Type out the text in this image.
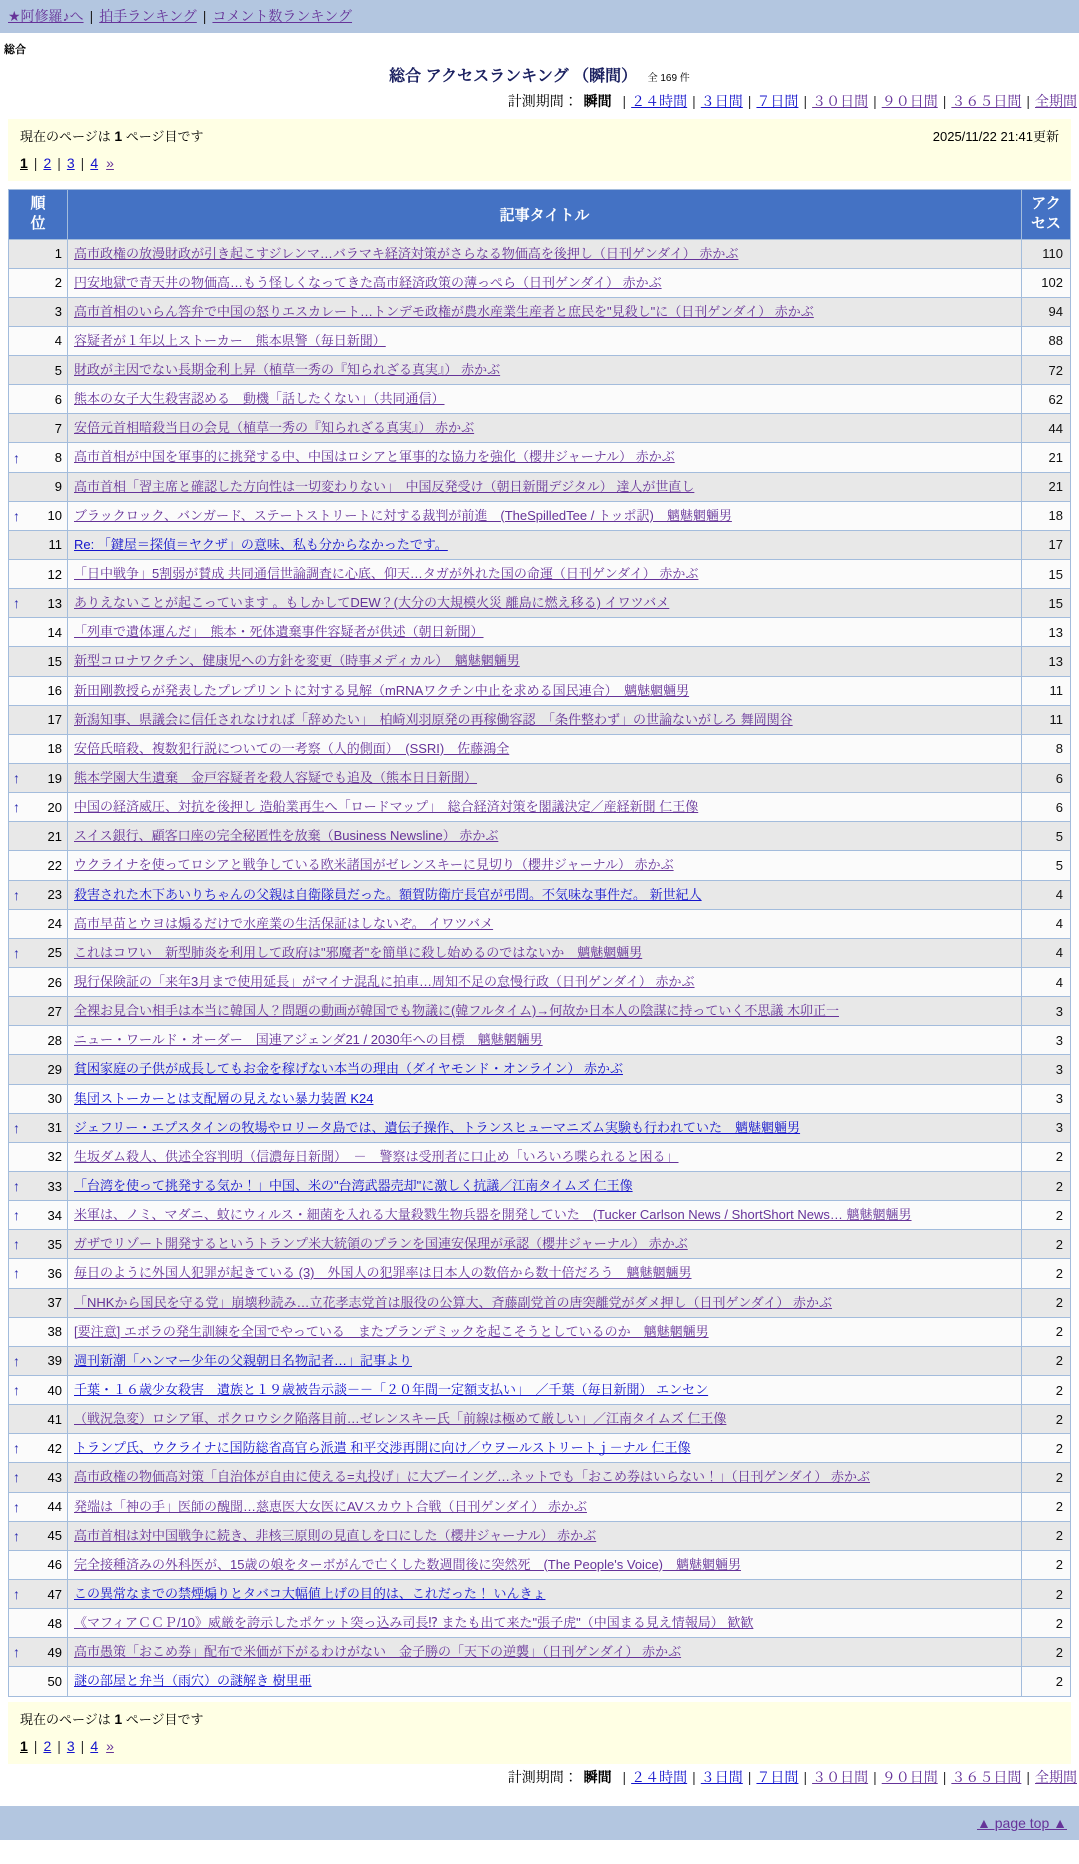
★阿修羅♪へ | 拍手ランキング | コメント数ランキング
総合
総合 アクセスランキング （瞬間） 全 169 件
計測期間： 瞬間 | ２４時間 | ３日間 | ７日間 | ３０日間 | ９０日間 | ３６５日間 | 全期間
現在のページは 1 ページ目です	2025/11/22 21:41更新
1 | 2 | 3 | 4 »
順位	記事タイトル	アクセス

1	高市政権の放漫財政が引き起こすジレンマ…バラマキ経済対策がさらなる物価高を後押し（日刊ゲンダイ） 赤かぶ	110

2	円安地獄で青天井の物価高…もう怪しくなってきた高市経済政策の薄っぺら（日刊ゲンダイ） 赤かぶ	102

3	高市首相のいらん答弁で中国の怒りエスカレート…トンデモ政権が農水産業生産者と庶民を"見殺し"に（日刊ゲンダイ） 赤かぶ	94

4	容疑者が１年以上ストーカー　熊本県警（毎日新聞）	88

5	財政が主因でない長期金利上昇（植草一秀の『知られざる真実』） 赤かぶ	72

6	熊本の女子大生殺害認める　動機「話したくない」（共同通信）	62

7	安倍元首相暗殺当日の会見（植草一秀の『知られざる真実』） 赤かぶ	44

↑ 8	高市首相が中国を軍事的に挑発する中、中国はロシアと軍事的な協力を強化（櫻井ジャーナル） 赤かぶ	21

9	高市首相「習主席と確認した方向性は一切変わりない」　中国反発受け（朝日新聞デジタル） 達人が世直し	21

↑ 10	ブラックロック、バンガード、ステートストリートに対する裁判が前進　(TheSpilledTee / トッポ訳)　魑魅魍魎男	18

11	Re: 「鍵屋＝探偵＝ヤクザ」の意味、私も分からなかったです。	17

12	「日中戦争」5割弱が賛成 共同通信世論調査に心底、仰天…タガが外れた国の命運（日刊ゲンダイ） 赤かぶ	15

↑ 13	ありえないことが起こっています 。もしかしてDEW？(大分の大規模火災 離島に燃え移る) イワツバメ	15

14	「列車で遺体運んだ」　熊本・死体遺棄事件容疑者が供述（朝日新聞）	13

15	新型コロナワクチン、健康児への方針を変更（時事メディカル）　魑魅魍魎男	13

16	新田剛教授らが発表したプレプリントに対する見解（mRNAワクチン中止を求める国民連合）　魑魅魍魎男	11

17	新潟知事、県議会に信任されなければ「辞めたい」　柏崎刈羽原発の再稼働容認　「条件整わず」の世論ないがしろ 舞岡関谷	11

18	安倍氏暗殺、複数犯行説についての一考察（人的側面）　(SSRI)　佐藤鴻全	8

↑ 19	熊本学園大生遺棄　金戸容疑者を殺人容疑でも追及（熊本日日新聞）	6

↑ 20	中国の経済威圧、対抗を後押し 造船業再生へ「ロードマップ」　総合経済対策を閣議決定／産経新聞 仁王像	6

21	スイス銀行、顧客口座の完全秘匿性を放棄（Business Newsline） 赤かぶ	5

22	ウクライナを使ってロシアと戦争している欧米諸国がゼレンスキーに見切り（櫻井ジャーナル） 赤かぶ	5

↑ 23	殺害された木下あいりちゃんの父親は自衛隊員だった。額賀防衛庁長官が弔問。不気味な事件だ。 新世紀人	4

24	高市早苗とウヨは煽るだけで水産業の生活保証はしないぞ。 イワツバメ	4

↑ 25	これはコワい　新型肺炎を利用して政府は"邪魔者"を簡単に殺し始めるのではないか　魑魅魍魎男	4

26	現行保険証の「来年3月まで使用延長」がマイナ混乱に拍車…周知不足の怠慢行政（日刊ゲンダイ） 赤かぶ	4

27	全裸お見合い相手は本当に韓国人？問題の動画が韓国でも物議に(韓フルタイム)→何故か日本人の陰謀に持っていく不思議 木卯正一	3

28	ニュー・ワールド・オーダー　国連アジェンダ21 / 2030年への目標　魑魅魍魎男	3

29	貧困家庭の子供が成長してもお金を稼げない本当の理由（ダイヤモンド・オンライン） 赤かぶ	3

30	集団ストーカーとは支配層の見えない暴力装置 K24	3

↑ 31	ジェフリー・エプスタインの牧場やロリータ島では、遺伝子操作、トランスヒューマニズム実験も行われていた　魑魅魍魎男	3

32	生坂ダム殺人、供述全容判明（信濃毎日新聞）　－　警察は受刑者に口止め「いろいろ喋られると困る」	2

↑ 33	「台湾を使って挑発する気か！」中国、米の"台湾武器売却"に激しく抗議／江南タイムズ 仁王像	2

↑ 34	米軍は、ノミ、マダニ、蚊にウィルス・細菌を入れる大量殺戮生物兵器を開発していた　(Tucker Carlson News / ShortShort News… 魑魅魍魎男	2

↑ 35	ガザでリゾート開発するというトランプ米大統領のプランを国連安保理が承認（櫻井ジャーナル） 赤かぶ	2

↑ 36	毎日のように外国人犯罪が起きている (3)　外国人の犯罪率は日本人の数倍から数十倍だろう　魑魅魍魎男	2

37	「NHKから国民を守る党」崩壊秒読み…立花孝志党首は服役の公算大、斉藤副党首の唐突離党がダメ押し（日刊ゲンダイ） 赤かぶ	2

38	[要注意] エボラの発生訓練を全国でやっている　またプランデミックを起こそうとしているのか　魑魅魍魎男	2

↑ 39	週刊新潮「ハンマー少年の父親朝日名物記者…」記事より	2

↑ 40	千葉・１６歳少女殺害　遺族と１９歳被告示談－－「２０年間一定額支払い」　／千葉（毎日新聞） エンセン	2

41	（戦況急変）ロシア軍、ポクロウシク陥落目前…ゼレンスキー氏「前線は極めて厳しい」／江南タイムズ 仁王像	2

↑ 42	トランプ氏、ウクライナに国防総省高官ら派遣 和平交渉再開に向け／ウヲールストリートｊ－ナル 仁王像	2

↑ 43	高市政権の物価高対策「自治体が自由に使える=丸投げ」に大ブーイング…ネットでも「おこめ券はいらない！」（日刊ゲンダイ） 赤かぶ	2

↑ 44	発端は「神の手」医師の醜聞…慈恵医大女医にAVスカウト合戦（日刊ゲンダイ） 赤かぶ	2

↑ 45	高市首相は対中国戦争に続き、非核三原則の見直しを口にした（櫻井ジャーナル） 赤かぶ	2

46	完全接種済みの外科医が、15歳の娘をターボがんで亡くした数週間後に突然死　(The People's Voice)　魑魅魍魎男	2

↑ 47	この異常なまでの禁煙煽りとタバコ大幅値上げの目的は、これだった！ いんきょ	2

48	《マフィアＣＣＰ/10》威厳を誇示したポケット突っ込み司長⁉ またも出て来た"張子虎"（中国まる見え情報局） 歓歓	2

↑ 49	高市愚策「おこめ券」配布で米価が下がるわけがない　金子勝の「天下の逆襲」（日刊ゲンダイ） 赤かぶ	2

50	謎の部屋と弁当（雨穴）の謎解き 樹里亜	2
現在のページは 1 ページ目です
1 | 2 | 3 | 4 »
計測期間： 瞬間 | ２４時間 | ３日間 | ７日間 | ３０日間 | ９０日間 | ３６５日間 | 全期間
▲ page top ▲
